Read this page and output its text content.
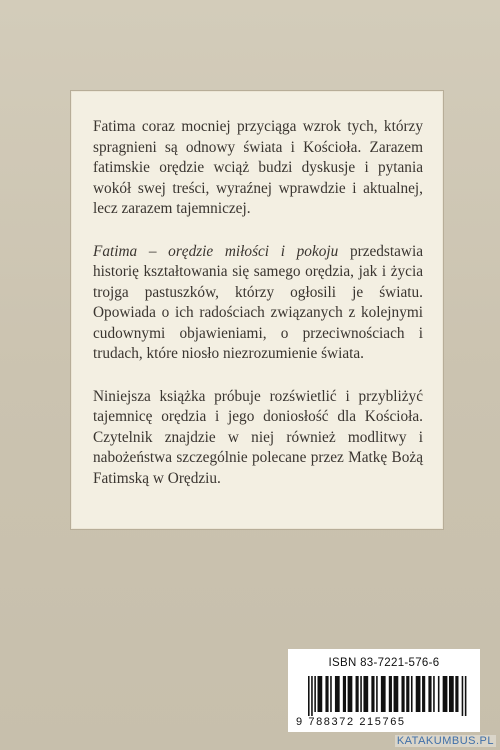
Fatima coraz mocniej przyciąga wzrok tych, którzy spragnieni są odnowy świata i Kościoła. Zarazem fatimskie orędzie wciąż budzi dyskusje i pytania wokół swej treści, wyraźnej wprawdzie i aktualnej, lecz zarazem tajemniczej.

Fatima – orędzie miłości i pokoju przedstawia historię kształtowania się samego orędzia, jak i życia trojga pastuszków, którzy ogłosili je światu. Opowiada o ich radościach związanych z kolejnymi cudownymi objawieniami, o przeciwnościach i trudach, które niosło niezrozumienie świata.

Niniejsza książka próbuje rozświetlić i przybliżyć tajemnicę orędzia i jego doniosłość dla Kościoła. Czytelnik znajdzie w niej również modlitwy i nabożeństwa szczególnie polecane przez Matkę Bożą Fatimską w Orędziu.

ISBN 83-7221-576-6
9 788372 215765
KATAKUMBUS.PL
